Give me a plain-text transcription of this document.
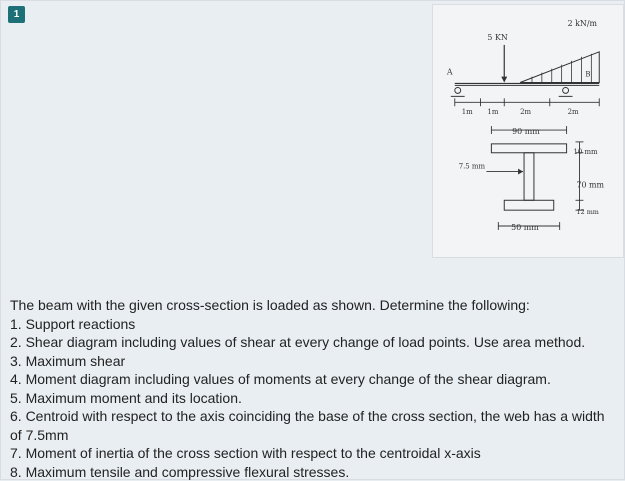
1
5 KN
2 kN/m
A	B
1m 1m	2m	2m
90 mm
10 mm
7.5 mm
70 mm
12 mm
50 mm

The beam with the given cross-section is loaded as shown. Determine the following:

1. Support reactions
2. Shear diagram including values of shear at every change of load points. Use area method.
3. Maximum shear
4. Moment diagram including values of moments at every change of the shear diagram.
5. Maximum moment and its location.
6. Centroid with respect to the axis coinciding the base of the cross section, the web has a width of 7.5mm
7. Moment of inertia of the cross section with respect to the centroidal x-axis
8. Maximum tensile and compressive flexural stresses.
